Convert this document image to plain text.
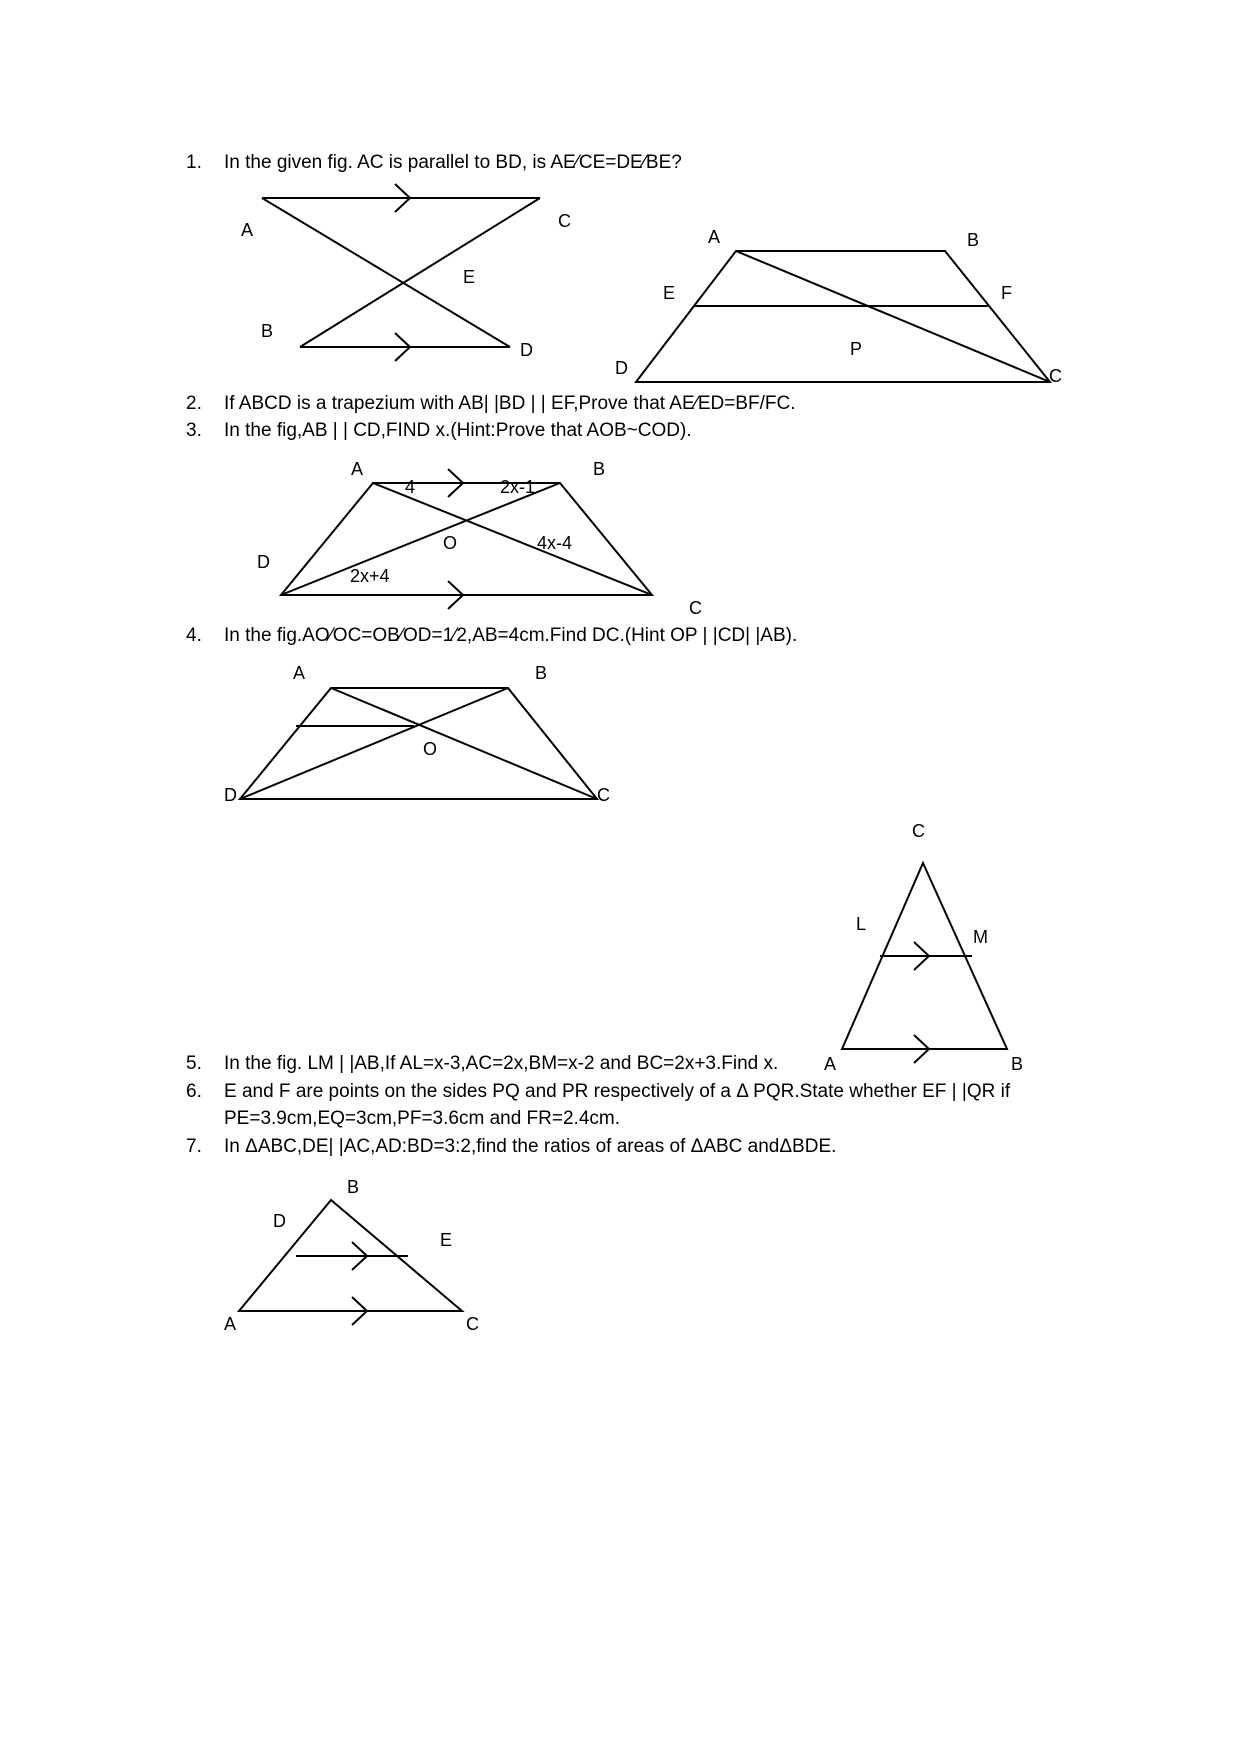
1. In the given fig. AC is parallel to BD, is AE⁄CE=DE⁄BE?
2. If ABCD is a trapezium with AB| |BD | | EF,Prove that AE⁄ED=BF/FC.
3. In the fig,AB | | CD,FIND x.(Hint:Prove that AOB~COD).
4. In the fig.AO⁄OC=OB⁄OD=1⁄2,AB=4cm.Find DC.(Hint OP | |CD| |AB).
5. In the fig. LM | |AB,If AL=x-3,AC=2x,BM=x-2 and BC=2x+3.Find x.
6. E and F are points on the sides PQ and PR respectively of a Δ PQR.State whether EF | |QR if
PE=3.9cm,EQ=3cm,PF=3.6cm and FR=2.4cm.
7. In ΔABC,DE| |AC,AD:BD=3:2,find the ratios of areas of ΔABC andΔBDE.
A	C
E
B
D
A	B
E	F
P
D	C
A	B
4	2x-1
O	4x-4
D
2x+4
C
A	B
O
D	C
C
L
M
A	B
B
D
E
A	C
